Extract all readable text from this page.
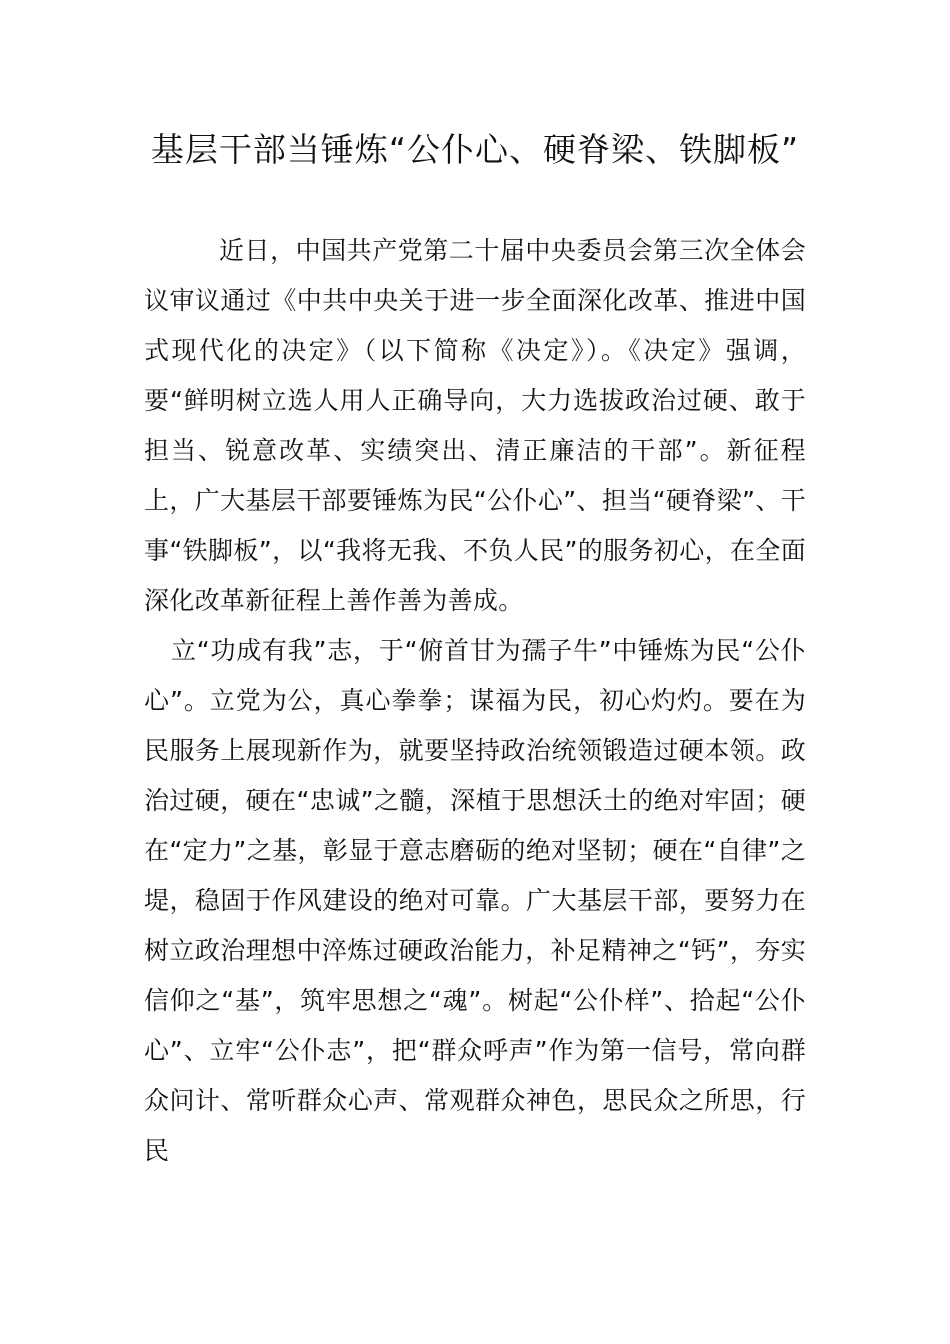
基层干部当锤炼“公仆心、硬脊梁、铁脚板”

近日，中国共产党第二十届中央委员会第三次全体会议审议通过《中共中央关于进一步全面深化改革、推进中国式现代化的决定》（以下简称《决定》）。《决定》强调，要“鲜明树立选人用人正确导向，大力选拔政治过硬、敢于担当、锐意改革、实绩突出、清正廉洁的干部”。新征程上，广大基层干部要锤炼为民“公仆心”、担当“硬脊梁”、干事“铁脚板”，以“我将无我、不负人民”的服务初心，在全面深化改革新征程上善作善为善成。

立“功成有我”志，于“俯首甘为孺子牛”中锤炼为民“公仆心”。立党为公，真心拳拳；谋福为民，初心灼灼。要在为民服务上展现新作为，就要坚持政治统领锻造过硬本领。政治过硬，硬在“忠诚”之髓，深植于思想沃土的绝对牢固；硬在“定力”之基，彰显于意志磨砺的绝对坚韧；硬在“自律”之堤，稳固于作风建设的绝对可靠。广大基层干部，要努力在树立政治理想中淬炼过硬政治能力，补足精神之“钙”，夯实信仰之“基”，筑牢思想之“魂”。树起“公仆样”、拾起“公仆心”、立牢“公仆志”，把“群众呼声”作为第一信号，常向群众问计、常听群众心声、常观群众神色，思民众之所思，行民
